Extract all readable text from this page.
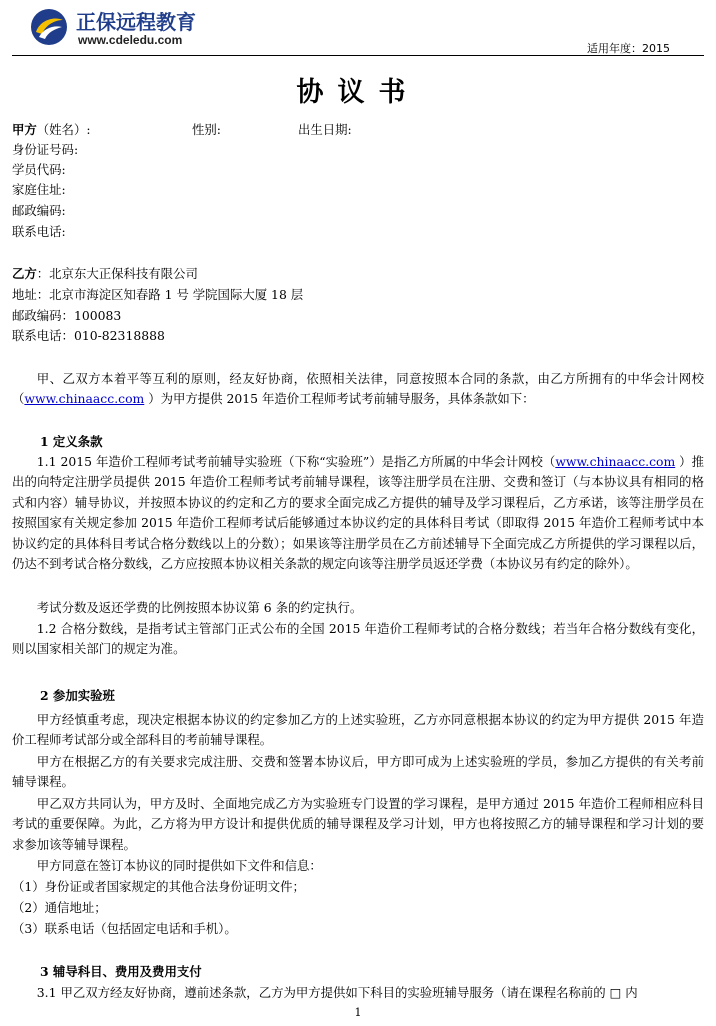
正保远程教育
www.cdeledu.com
适用年度：2015
协议书
甲方（姓名）:	性别:	出生日期:
身份证号码:
学员代码:
家庭住址:
邮政编码:
联系电话:
乙方：北京东大正保科技有限公司
地址：北京市海淀区知春路 1 号 学院国际大厦 18 层
邮政编码：100083
联系电话：010-82318888
甲、乙双方本着平等互利的原则，经友好协商，依照相关法律，同意按照本合同的条款，由乙方所拥有的中华会计网校（www.chinaacc.com ）为甲方提供 2015 年造价工程师考试考前辅导服务，具体条款如下：
1 定义条款
1.1 2015 年造价工程师考试考前辅导实验班（下称“实验班”）是指乙方所属的中华会计网校（www.chinaacc.com ）推出的向特定注册学员提供 2015 年造价工程师考试考前辅导课程，该等注册学员在注册、交费和签订（与本协议具有相同的格式和内容）辅导协议，并按照本协议的约定和乙方的要求全面完成乙方提供的辅导及学习课程后，乙方承诺，该等注册学员在按照国家有关规定参加 2015 年造价工程师考试后能够通过本协议约定的具体科目考试（即取得 2015 年造价工程师考试中本协议约定的具体科目考试合格分数线以上的分数）；如果该等注册学员在乙方前述辅导下全面完成乙方所提供的学习课程以后，仍达不到考试合格分数线，乙方应按照本协议相关条款的规定向该等注册学员返还学费（本协议另有约定的除外）。
考试分数及返还学费的比例按照本协议第 6 条的约定执行。
1.2 合格分数线，是指考试主管部门正式公布的全国 2015 年造价工程师考试的合格分数线；若当年合格分数线有变化，则以国家相关部门的规定为准。
2 参加实验班
甲方经慎重考虑，现决定根据本协议的约定参加乙方的上述实验班，乙方亦同意根据本协议的约定为甲方提供 2015 年造价工程师考试部分或全部科目的考前辅导课程。
甲方在根据乙方的有关要求完成注册、交费和签署本协议后，甲方即可成为上述实验班的学员，参加乙方提供的有关考前辅导课程。
甲乙双方共同认为，甲方及时、全面地完成乙方为实验班专门设置的学习课程，是甲方通过 2015 年造价工程师相应科目考试的重要保障。为此，乙方将为甲方设计和提供优质的辅导课程及学习计划，甲方也将按照乙方的辅导课程和学习计划的要求参加该等辅导课程。
甲方同意在签订本协议的同时提供如下文件和信息：
（1）身份证或者国家规定的其他合法身份证明文件；
（2）通信地址；
（3）联系电话（包括固定电话和手机）。
3 辅导科目、费用及费用支付
3.1 甲乙双方经友好协商，遵前述条款，乙方为甲方提供如下科目的实验班辅导服务（请在课程名称前的 □ 内
1
